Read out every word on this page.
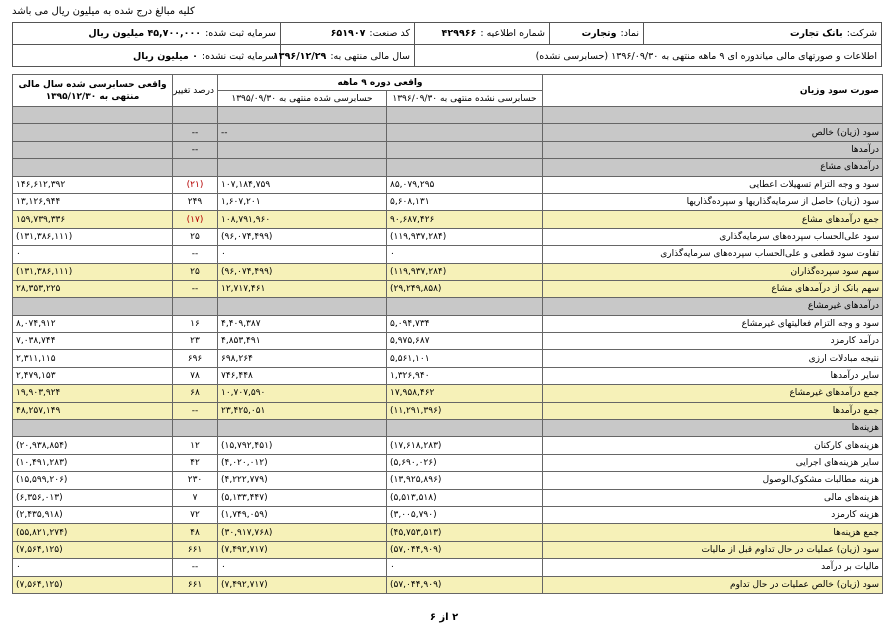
کلیه مبالغ درج شده به میلیون ریال می باشد
شرکت:
بانک تجارت
نماد:
وتجارت
شماره اطلاعیه :
۴۲۹۹۶۶
کد صنعت:
۶۵۱۹۰۷
سرمایه ثبت شده:
۴۵,۷۰۰,۰۰۰ میلیون ریال
اطلاعات و صورتهای مالی میاندوره ای ۹ ماهه منتهی به ۱۳۹۶/۰۹/۳۰ (حسابرسی نشده)
سال مالی منتهی به:
۱۳۹۶/۱۲/۲۹
سرمایه ثبت نشده:
۰ میلیون ریال
صورت سود وزیان	واقعی دوره ۹ ماهه		درصد تغییر	واقعی حسابرسی شده سال مالی منتهی به ۱۳۹۵/۱۲/۳۰
	حسابرسی نشده منتهی به ۱۳۹۶/۰۹/۳۰	حسابرسی شده منتهی به ۱۳۹۵/۰۹/۳۰		

سود (زیان) خالص		--	--	
درآمدها			--	
درآمدهای مشاع				
سود و وجه التزام تسهیلات اعطایی	۸۵,۰۷۹,۲۹۵	۱۰۷,۱۸۴,۷۵۹	(۲۱)	۱۴۶,۶۱۲,۳۹۲
سود (زیان) حاصل از سرمایه‌گذاریها و سپرده‌گذاریها	۵,۶۰۸,۱۳۱	۱,۶۰۷,۲۰۱	۲۴۹	۱۳,۱۲۶,۹۴۴
جمع درآمدهای مشاع	۹۰,۶۸۷,۴۲۶	۱۰۸,۷۹۱,۹۶۰	(۱۷)	۱۵۹,۷۳۹,۳۳۶
سود علی‌الحساب سپرده‌های سرمایه‌گذاری	(۱۱۹,۹۳۷,۲۸۴)	(۹۶,۰۷۴,۴۹۹)	۲۵	(۱۳۱,۳۸۶,۱۱۱)
تفاوت سود قطعی و علی‌الحساب سپرده‌های سرمایه‌گذاری	۰	۰	--	۰
سهم سود سپرده‌گذاران	(۱۱۹,۹۳۷,۲۸۴)	(۹۶,۰۷۴,۴۹۹)	۲۵	(۱۳۱,۳۸۶,۱۱۱)
سهم بانک از درآمدهای مشاع	(۲۹,۲۴۹,۸۵۸)	۱۲,۷۱۷,۴۶۱	--	۲۸,۳۵۳,۲۲۵
درآمدهای غیرمشاع				
سود و وجه التزام فعالیتهای غیرمشاع	۵,۰۹۴,۷۳۴	۴,۴۰۹,۳۸۷	۱۶	۸,۰۷۴,۹۱۲
درآمد کارمزد	۵,۹۷۵,۶۸۷	۴,۸۵۳,۴۹۱	۲۳	۷,۰۳۸,۷۴۴
نتیجه مبادلات ارزی	۵,۵۶۱,۱۰۱	۶۹۸,۲۶۴	۶۹۶	۲,۳۱۱,۱۱۵
سایر درآمدها	۱,۳۲۶,۹۴۰	۷۴۶,۴۴۸	۷۸	۲,۴۷۹,۱۵۳
جمع درآمدهای غیرمشاع	۱۷,۹۵۸,۴۶۲	۱۰,۷۰۷,۵۹۰	۶۸	۱۹,۹۰۳,۹۲۴
جمع درآمدها	(۱۱,۲۹۱,۳۹۶)	۲۳,۴۲۵,۰۵۱	--	۴۸,۲۵۷,۱۴۹
هزینه‌ها				
هزینه‌های کارکنان	(۱۷,۶۱۸,۲۸۳)	(۱۵,۷۹۲,۴۵۱)	۱۲	(۲۰,۹۳۸,۸۵۴)
سایر هزینه‌های اجرایی	(۵,۶۹۰,۰۲۶)	(۴,۰۲۰,۰۱۲)	۴۲	(۱۰,۴۹۱,۲۸۳)
هزینه مطالبات مشکوک‌الوصول	(۱۳,۹۲۵,۸۹۶)	(۴,۲۲۲,۷۷۹)	۲۳۰	(۱۵,۵۹۹,۲۰۶)
هزینه‌های مالی	(۵,۵۱۳,۵۱۸)	(۵,۱۳۳,۴۴۷)	۷	(۶,۳۵۶,۰۱۳)
هزینه کارمزد	(۳,۰۰۵,۷۹۰)	(۱,۷۴۹,۰۵۹)	۷۲	(۲,۴۳۵,۹۱۸)
جمع هزینه‌ها	(۴۵,۷۵۳,۵۱۳)	(۳۰,۹۱۷,۷۶۸)	۴۸	(۵۵,۸۲۱,۲۷۴)
سود (زیان) عملیات در حال تداوم قبل از مالیات	(۵۷,۰۴۴,۹۰۹)	(۷,۴۹۲,۷۱۷)	۶۶۱	(۷,۵۶۴,۱۲۵)
مالیات بر درآمد	۰	۰	--	۰
سود (زیان) خالص عملیات در حال تداوم	(۵۷,۰۴۴,۹۰۹)	(۷,۴۹۲,۷۱۷)	۶۶۱	(۷,۵۶۴,۱۲۵)
۲ از ۶
